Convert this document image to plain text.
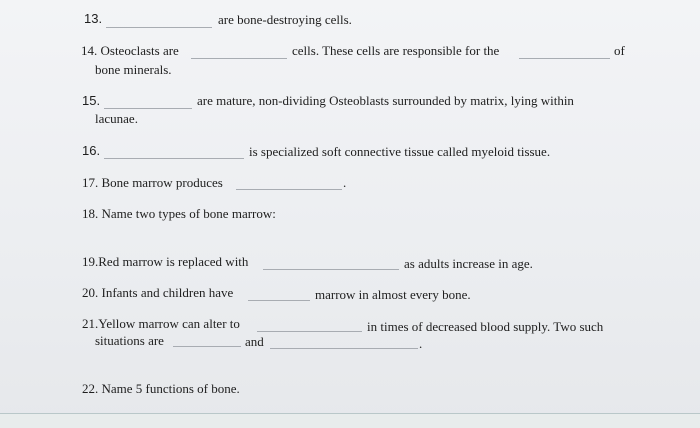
13.	are bone-destroying cells.
14. Osteoclasts are	cells. These cells are responsible for the	of
bone minerals.
15.	are mature, non-dividing Osteoblasts surrounded by matrix, lying within
lacunae.
16.	is specialized soft connective tissue called myeloid tissue.
17. Bone marrow produces	.
18. Name two types of bone marrow:
19.Red marrow is replaced with	as adults increase in age.
20. Infants and children have	marrow in almost every bone.
21.Yellow marrow can alter to	in times of decreased blood supply. Two such
situations are	and	.
22. Name 5 functions of bone.
